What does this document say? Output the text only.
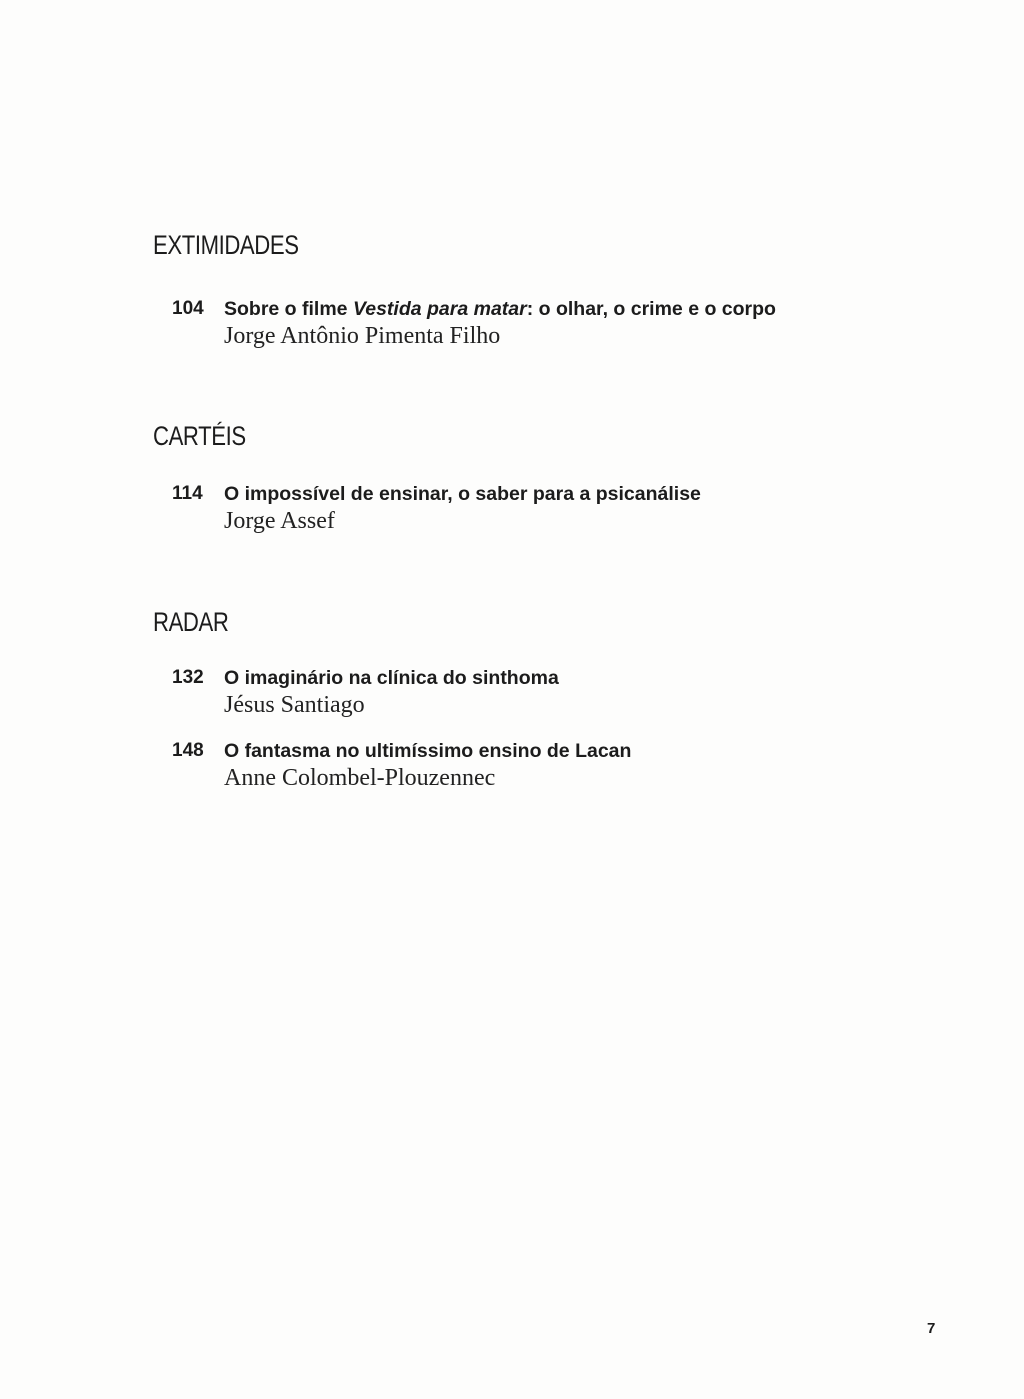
EXTIMIDADES
104 Sobre o filme Vestida para matar: o olhar, o crime e o corpo
Jorge Antônio Pimenta Filho
CARTÉIS
114 O impossível de ensinar, o saber para a psicanálise
Jorge Assef
RADAR
132 O imaginário na clínica do sinthoma
Jésus Santiago
148 O fantasma no ultimíssimo ensino de Lacan
Anne Colombel-Plouzennec
7
